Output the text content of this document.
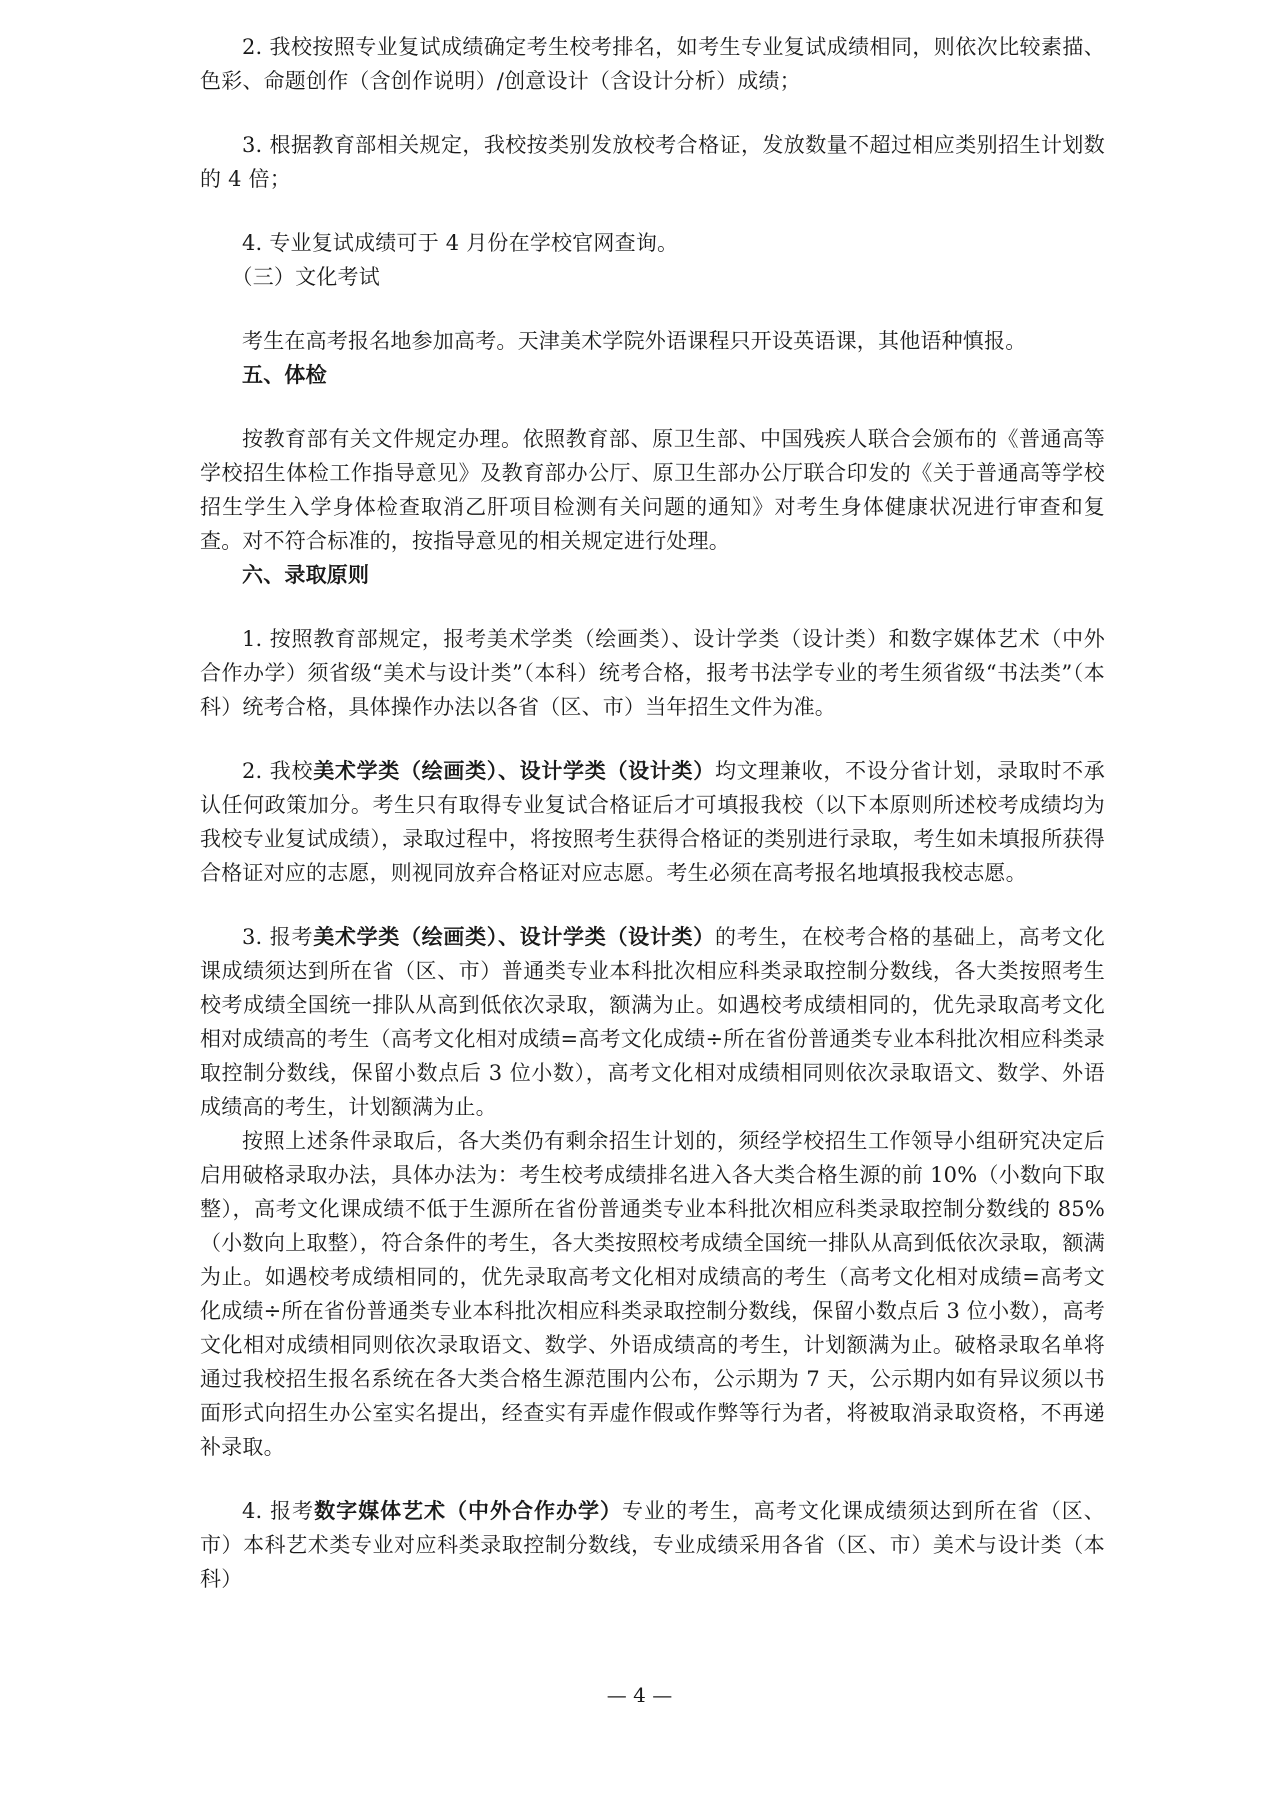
2. 我校按照专业复试成绩确定考生校考排名，如考生专业复试成绩相同，则依次比较素描、色彩、命题创作（含创作说明）/创意设计（含设计分析）成绩；

3. 根据教育部相关规定，我校按类别发放校考合格证，发放数量不超过相应类别招生计划数的 4 倍；

4. 专业复试成绩可于 4 月份在学校官网查询。

（三）文化考试

考生在高考报名地参加高考。天津美术学院外语课程只开设英语课，其他语种慎报。

五、体检

按教育部有关文件规定办理。依照教育部、原卫生部、中国残疾人联合会颁布的《普通高等学校招生体检工作指导意见》及教育部办公厅、原卫生部办公厅联合印发的《关于普通高等学校招生学生入学身体检查取消乙肝项目检测有关问题的通知》对考生身体健康状况进行审查和复查。对不符合标准的，按指导意见的相关规定进行处理。

六、录取原则

1. 按照教育部规定，报考美术学类（绘画类）、设计学类（设计类）和数字媒体艺术（中外合作办学）须省级“美术与设计类”（本科）统考合格，报考书法学专业的考生须省级“书法类”（本科）统考合格，具体操作办法以各省（区、市）当年招生文件为准。

2. 我校美术学类（绘画类）、设计学类（设计类）均文理兼收，不设分省计划，录取时不承认任何政策加分。考生只有取得专业复试合格证后才可填报我校（以下本原则所述校考成绩均为我校专业复试成绩），录取过程中，将按照考生获得合格证的类别进行录取，考生如未填报所获得合格证对应的志愿，则视同放弃合格证对应志愿。考生必须在高考报名地填报我校志愿。

3. 报考美术学类（绘画类）、设计学类（设计类）的考生，在校考合格的基础上，高考文化课成绩须达到所在省（区、市）普通类专业本科批次相应科类录取控制分数线，各大类按照考生校考成绩全国统一排队从高到低依次录取，额满为止。如遇校考成绩相同的，优先录取高考文化相对成绩高的考生（高考文化相对成绩=高考文化成绩÷所在省份普通类专业本科批次相应科类录取控制分数线，保留小数点后 3 位小数），高考文化相对成绩相同则依次录取语文、数学、外语成绩高的考生，计划额满为止。

按照上述条件录取后，各大类仍有剩余招生计划的，须经学校招生工作领导小组研究决定后启用破格录取办法，具体办法为：考生校考成绩排名进入各大类合格生源的前 10%（小数向下取整），高考文化课成绩不低于生源所在省份普通类专业本科批次相应科类录取控制分数线的 85%（小数向上取整），符合条件的考生，各大类按照校考成绩全国统一排队从高到低依次录取，额满为止。如遇校考成绩相同的，优先录取高考文化相对成绩高的考生（高考文化相对成绩=高考文化成绩÷所在省份普通类专业本科批次相应科类录取控制分数线，保留小数点后 3 位小数），高考文化相对成绩相同则依次录取语文、数学、外语成绩高的考生，计划额满为止。破格录取名单将通过我校招生报名系统在各大类合格生源范围内公布，公示期为 7 天，公示期内如有异议须以书面形式向招生办公室实名提出，经查实有弄虚作假或作弊等行为者，将被取消录取资格，不再递补录取。

4. 报考数字媒体艺术（中外合作办学）专业的考生，高考文化课成绩须达到所在省（区、市）本科艺术类专业对应科类录取控制分数线，专业成绩采用各省（区、市）美术与设计类（本科）

— 4 —
